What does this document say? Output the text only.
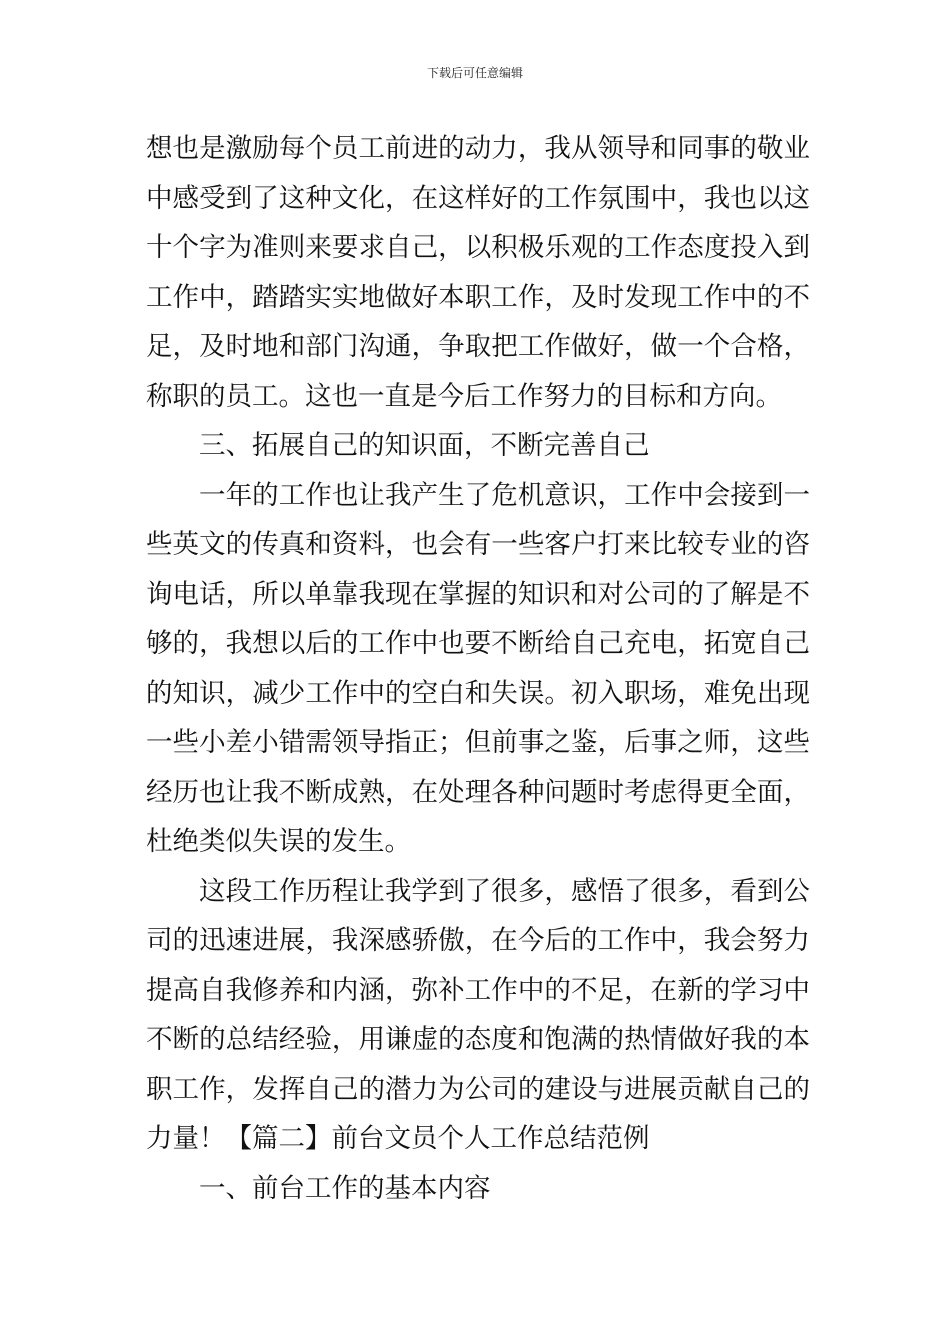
下载后可任意编辑
想也是激励每个员工前进的动力，我从领导和同事的敬业
中感受到了这种文化，在这样好的工作氛围中，我也以这
十个字为准则来要求自己，以积极乐观的工作态度投入到
工作中，踏踏实实地做好本职工作，及时发现工作中的不
足，及时地和部门沟通，争取把工作做好，做一个合格，
称职的员工。这也一直是今后工作努力的目标和方向。
三、拓展自己的知识面，不断完善自己
一年的工作也让我产生了危机意识，工作中会接到一
些英文的传真和资料，也会有一些客户打来比较专业的咨
询电话，所以单靠我现在掌握的知识和对公司的了解是不
够的，我想以后的工作中也要不断给自己充电，拓宽自己
的知识，减少工作中的空白和失误。初入职场，难免出现
一些小差小错需领导指正；但前事之鉴，后事之师，这些
经历也让我不断成熟，在处理各种问题时考虑得更全面，
杜绝类似失误的发生。
这段工作历程让我学到了很多，感悟了很多，看到公
司的迅速进展，我深感骄傲，在今后的工作中，我会努力
提高自我修养和内涵，弥补工作中的不足，在新的学习中
不断的总结经验，用谦虚的态度和饱满的热情做好我的本
职工作，发挥自己的潜力为公司的建设与进展贡献自己的
力量！【篇二】前台文员个人工作总结范例
一、前台工作的基本内容
